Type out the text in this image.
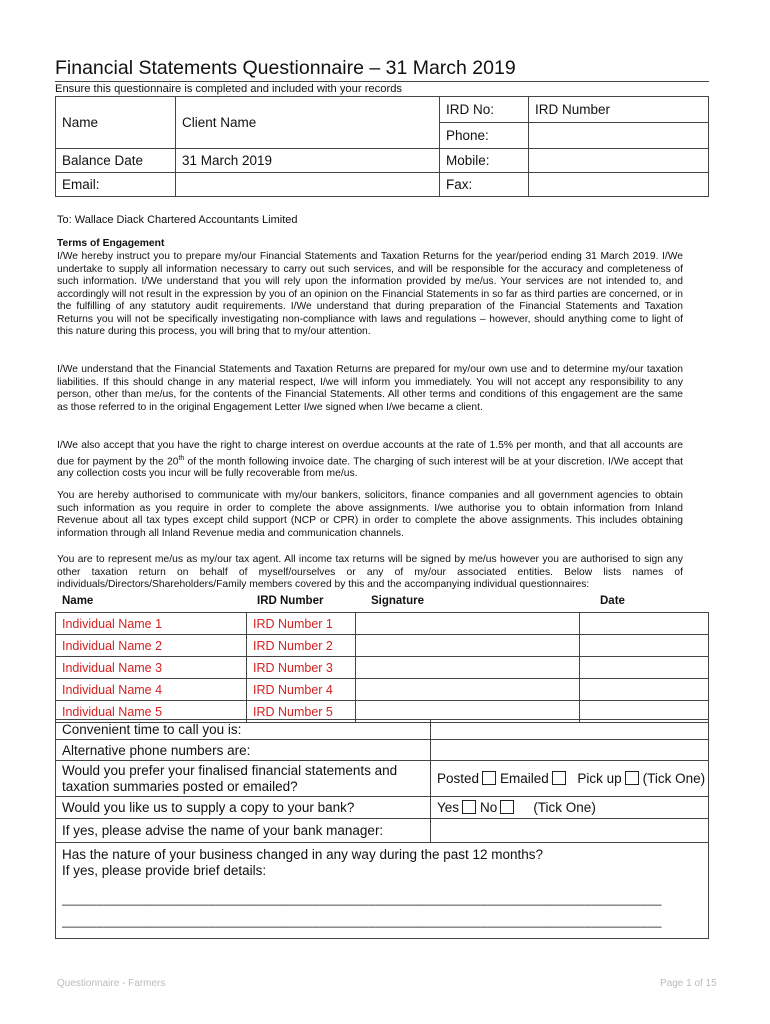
Financial Statements Questionnaire – 31 March 2019
Ensure this questionnaire is completed and included with your records
Name	Client Name	IRD No:	IRD Number
		Phone:	
Balance Date	31 March 2019	Mobile:	
Email:		Fax:	
To: Wallace Diack Chartered Accountants Limited
Terms of Engagement
I/We hereby instruct you to prepare my/our Financial Statements and Taxation Returns for the year/period ending 31 March 2019. I/We undertake to supply all information necessary to carry out such services, and will be responsible for the accuracy and completeness of such information. I/We understand that you will rely upon the information provided by me/us. Your services are not intended to, and accordingly will not result in the expression by you of an opinion on the Financial Statements in so far as third parties are concerned, or in the fulfilling of any statutory audit requirements. I/We understand that during preparation of the Financial Statements and Taxation Returns you will not be specifically investigating non-compliance with laws and regulations – however, should anything come to light of this nature during this process, you will bring that to my/our attention.
I/We understand that the Financial Statements and Taxation Returns are prepared for my/our own use and to determine my/our taxation liabilities. If this should change in any material respect, I/we will inform you immediately. You will not accept any responsibility to any person, other than me/us, for the contents of the Financial Statements. All other terms and conditions of this engagement are the same as those referred to in the original Engagement Letter I/we signed when I/we became a client.
I/We also accept that you have the right to charge interest on overdue accounts at the rate of 1.5% per month, and that all accounts are due for payment by the 20th of the month following invoice date. The charging of such interest will be at your discretion. I/We accept that any collection costs you incur will be fully recoverable from me/us.
You are hereby authorised to communicate with my/our bankers, solicitors, finance companies and all government agencies to obtain such information as you require in order to complete the above assignments. I/we authorise you to obtain information from Inland Revenue about all tax types except child support (NCP or CPR) in order to complete the above assignments. This includes obtaining information through all Inland Revenue media and communication channels.
You are to represent me/us as my/our tax agent. All income tax returns will be signed by me/us however you are authorised to sign any other taxation return on behalf of myself/ourselves or any of my/our associated entities. Below lists names of individuals/Directors/Shareholders/Family members covered by this and the accompanying individual questionnaires:
Name	IRD Number	Signature	Date
Individual Name 1	IRD Number 1		
Individual Name 2	IRD Number 2		
Individual Name 3	IRD Number 3		
Individual Name 4	IRD Number 4		
Individual Name 5	IRD Number 5		
Convenient time to call you is:	
Alternative phone numbers are:	
Would you prefer your finalised financial statements and taxation summaries posted or emailed?	Posted Emailed Pick up (Tick One)
Would you like us to supply a copy to your bank?	Yes No (Tick One)
If yes, please advise the name of your bank manager:	

Has the nature of your business changed in any way during the past 12 months?
If yes, please provide brief details:
______________________________________________________________________________________
______________________________________________________________________________________	
Questionnaire - Farmers	Page 1 of 15
